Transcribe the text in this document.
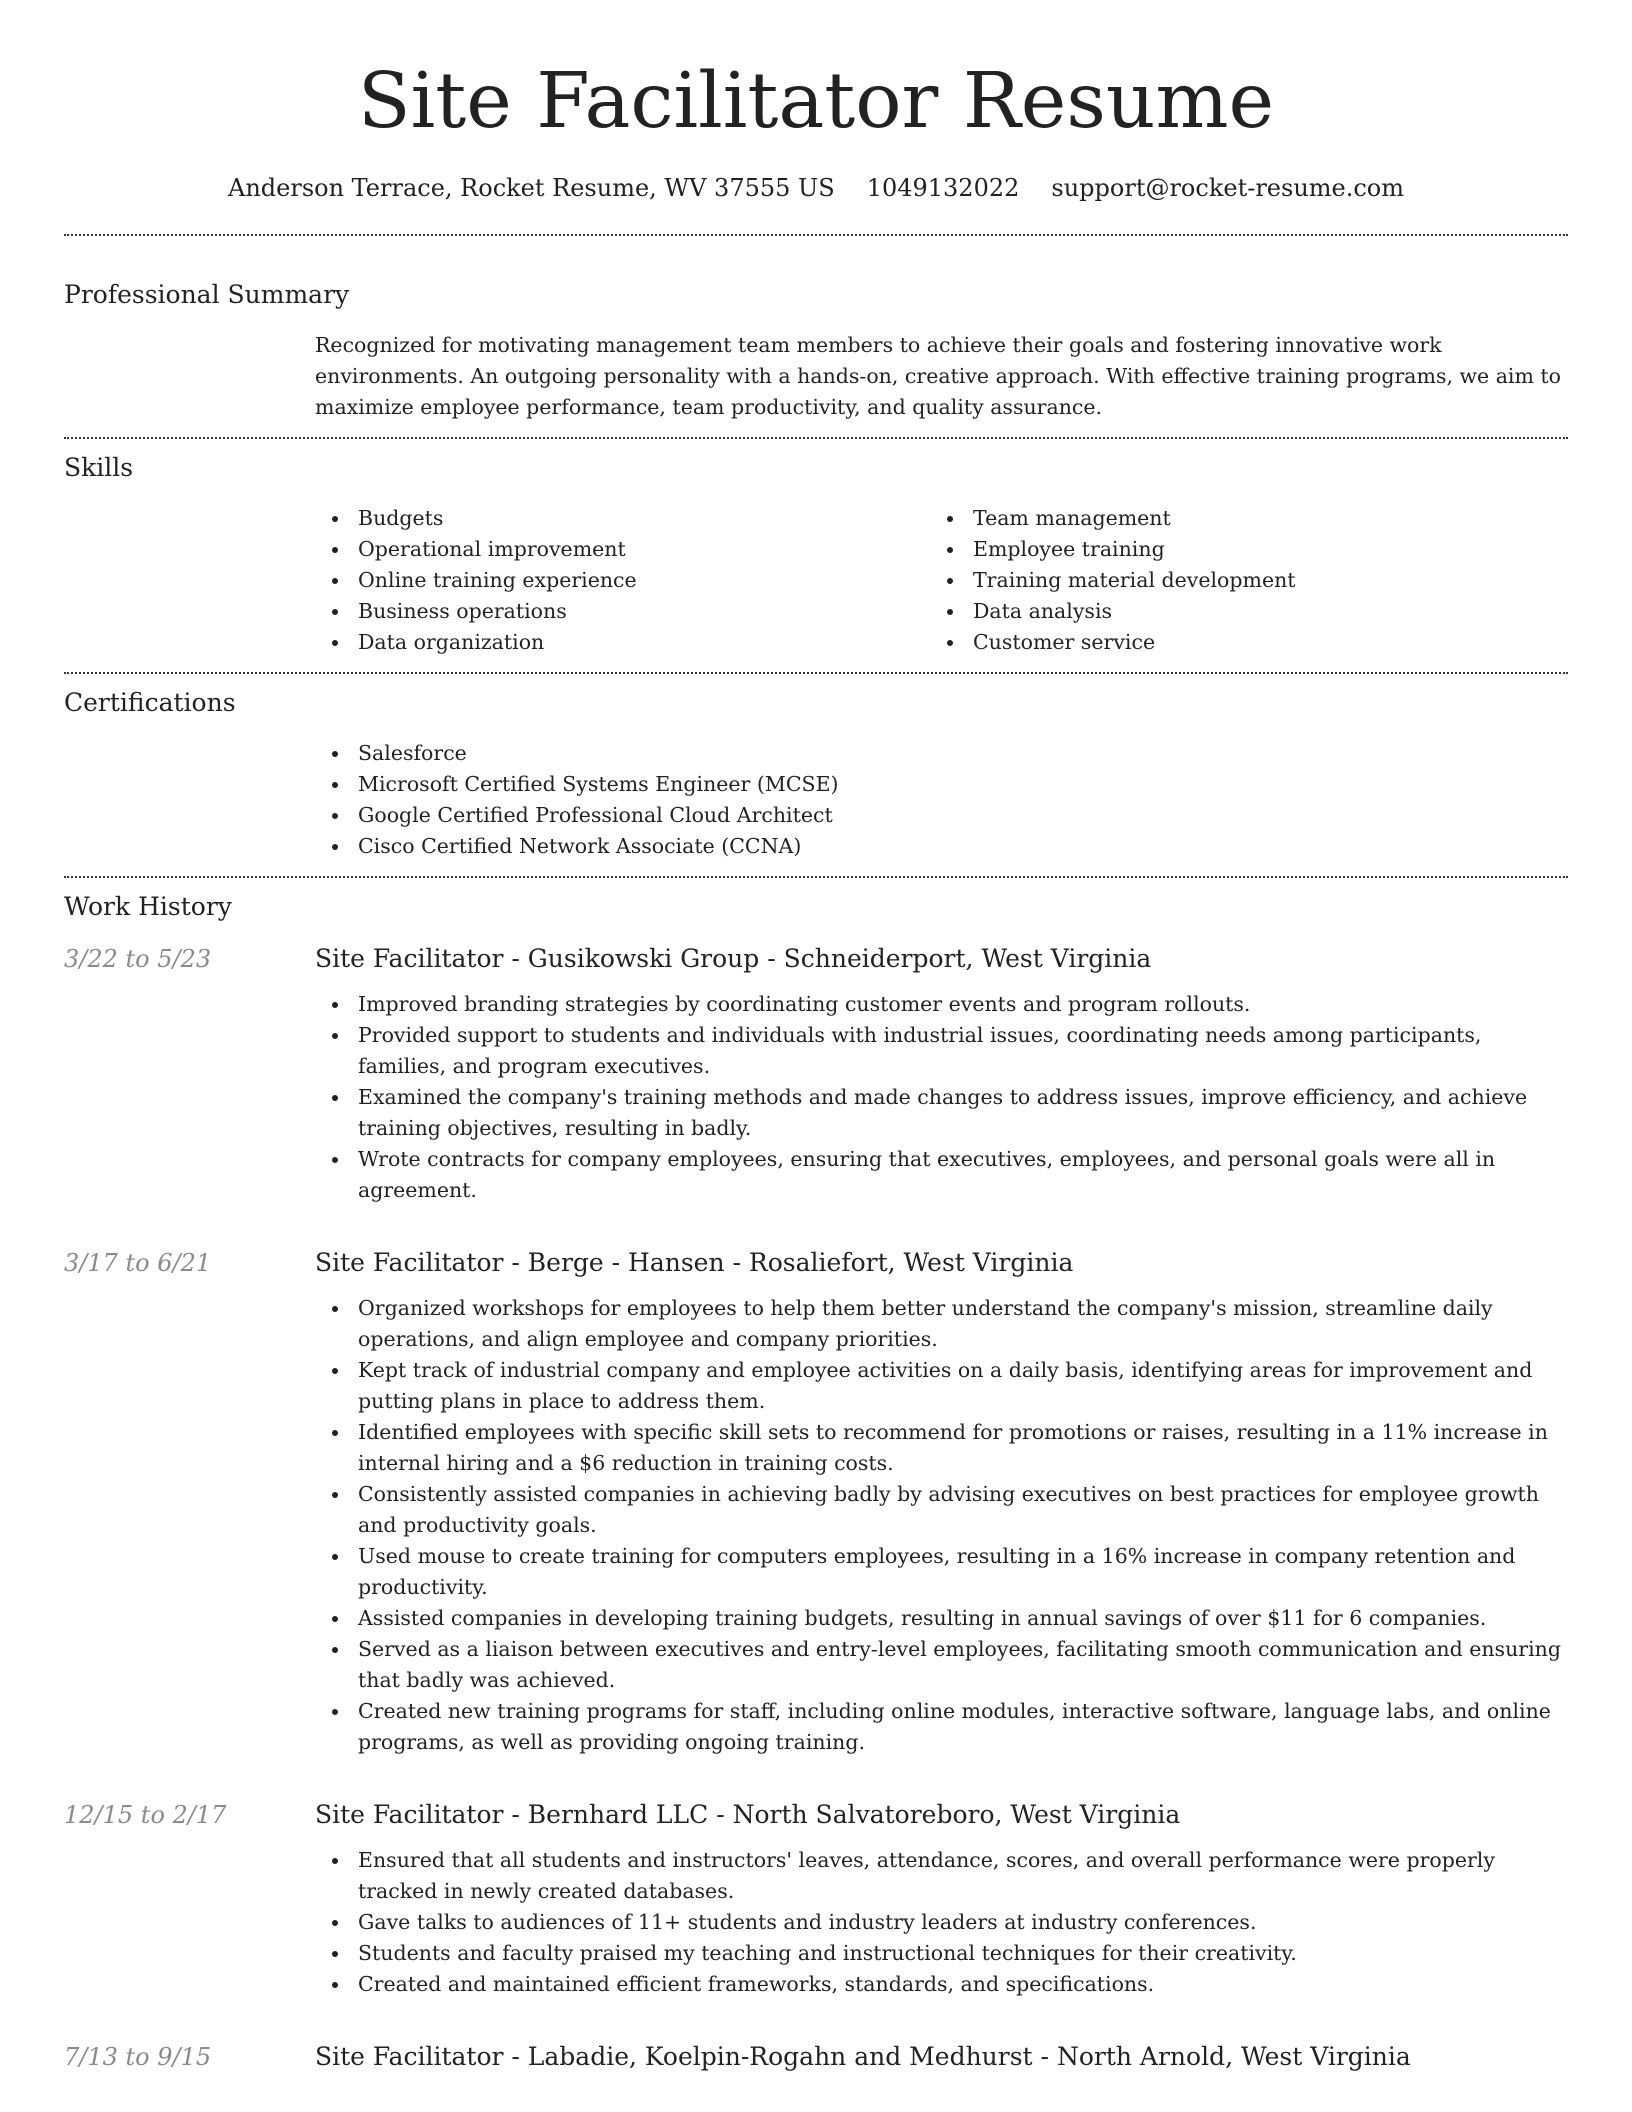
Site Facilitator Resume
Anderson Terrace, Rocket Resume, WV 37555 US 1049132022 support@rocket-resume.com
Professional Summary

Recognized for motivating management team members to achieve their goals and fostering innovative work environments. An outgoing personality with a hands-on, creative approach. With effective training programs, we aim to maximize employee performance, team productivity, and quality assurance.

Skills
Budgets
Operational improvement
Online training experience
Business operations
Data organization
Team management
Employee training
Training material development
Data analysis
Customer service
Certifications
Salesforce
Microsoft Certified Systems Engineer (MCSE)
Google Certified Professional Cloud Architect
Cisco Certified Network Associate (CCNA)
Work History
3/22 to 5/23	Site Facilitator - Gusikowski Group - Schneiderport, West Virginia
Improved branding strategies by coordinating customer events and program rollouts.
Provided support to students and individuals with industrial issues, coordinating needs among participants, families, and program executives.
Examined the company's training methods and made changes to address issues, improve efficiency, and achieve training objectives, resulting in badly.
Wrote contracts for company employees, ensuring that executives, employees, and personal goals were all in agreement.
3/17 to 6/21	Site Facilitator - Berge - Hansen - Rosaliefort, West Virginia
Organized workshops for employees to help them better understand the company's mission, streamline daily operations, and align employee and company priorities.
Kept track of industrial company and employee activities on a daily basis, identifying areas for improvement and putting plans in place to address them.
Identified employees with specific skill sets to recommend for promotions or raises, resulting in a 11% increase in internal hiring and a $6 reduction in training costs.
Consistently assisted companies in achieving badly by advising executives on best practices for employee growth and productivity goals.
Used mouse to create training for computers employees, resulting in a 16% increase in company retention and productivity.
Assisted companies in developing training budgets, resulting in annual savings of over $11 for 6 companies.
Served as a liaison between executives and entry-level employees, facilitating smooth communication and ensuring that badly was achieved.
Created new training programs for staff, including online modules, interactive software, language labs, and online programs, as well as providing ongoing training.
12/15 to 2/17	Site Facilitator - Bernhard LLC - North Salvatoreboro, West Virginia
Ensured that all students and instructors' leaves, attendance, scores, and overall performance were properly tracked in newly created databases.
Gave talks to audiences of 11+ students and industry leaders at industry conferences.
Students and faculty praised my teaching and instructional techniques for their creativity.
Created and maintained efficient frameworks, standards, and specifications.
7/13 to 9/15	Site Facilitator - Labadie, Koelpin-Rogahn and Medhurst - North Arnold, West Virginia
